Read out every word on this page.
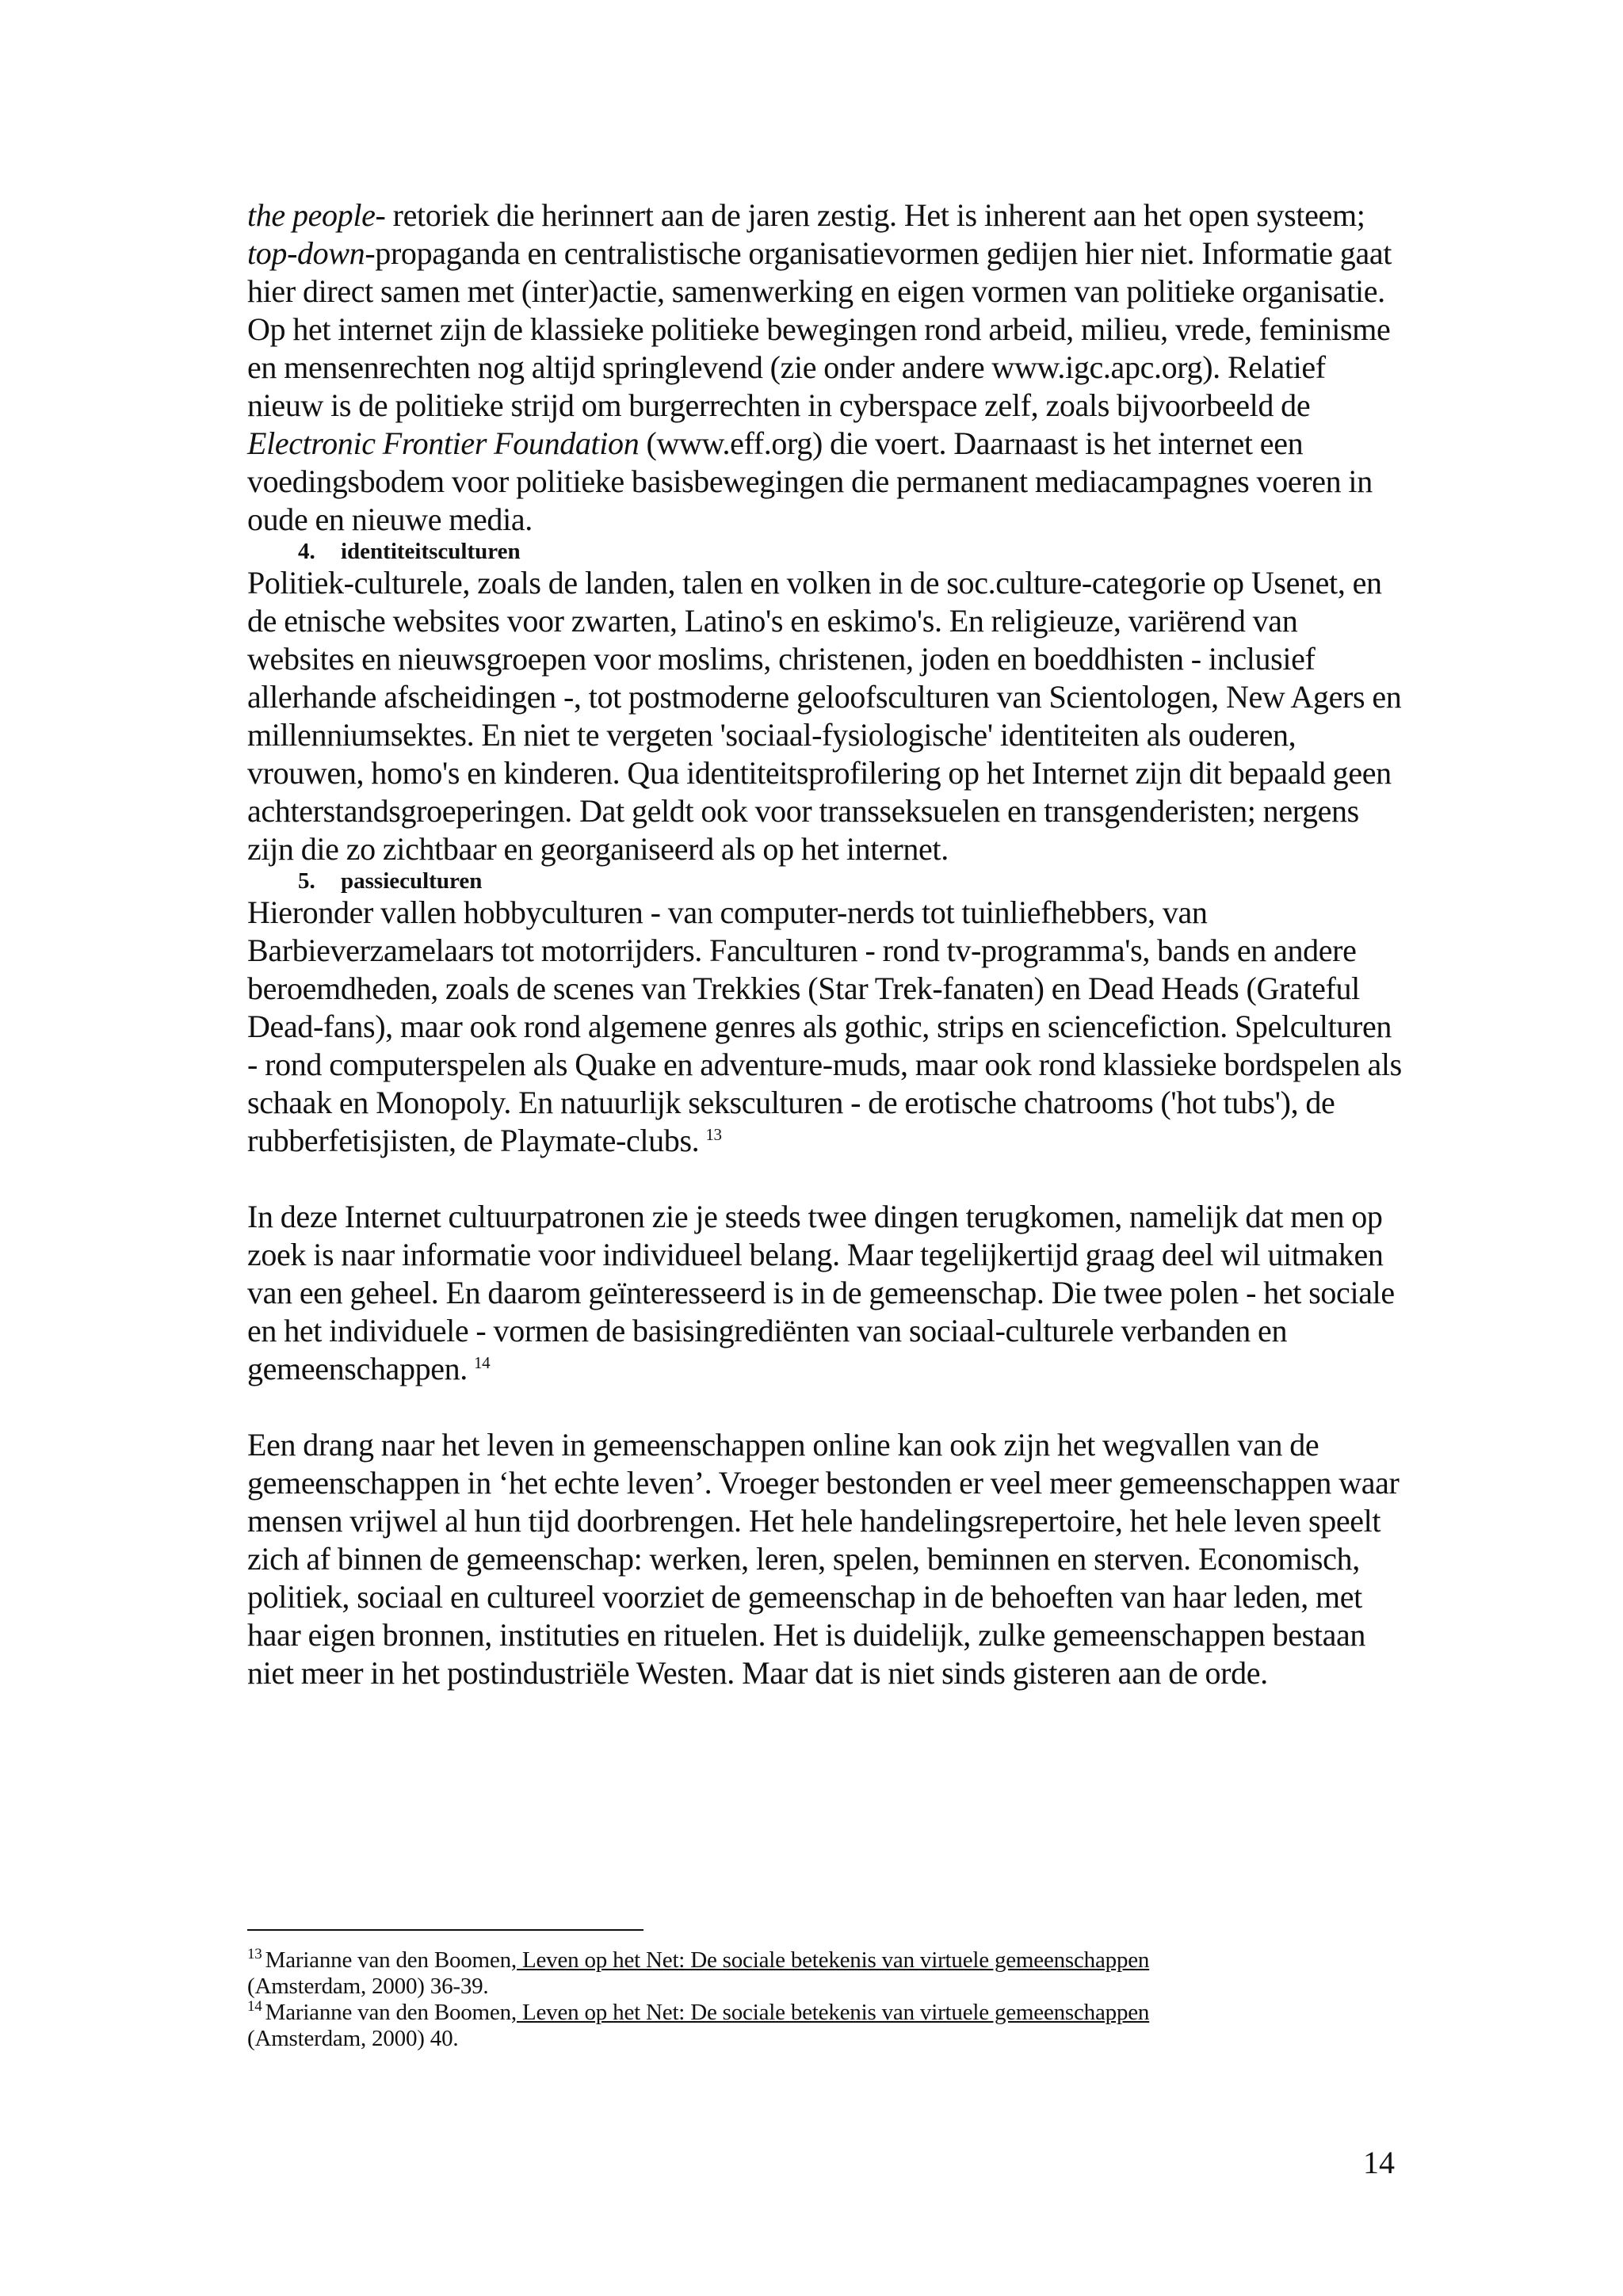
the people- retoriek die herinnert aan de jaren zestig. Het is inherent aan het open systeem; top-down-propaganda en centralistische organisatievormen gedijen hier niet. Informatie gaat hier direct samen met (inter)actie, samenwerking en eigen vormen van politieke organisatie.

Op het internet zijn de klassieke politieke bewegingen rond arbeid, milieu, vrede, feminisme en mensenrechten nog altijd springlevend (zie onder andere www.igc.apc.org). Relatief nieuw is de politieke strijd om burgerrechten in cyberspace zelf, zoals bijvoorbeeld de Electronic Frontier Foundation (www.eff.org) die voert. Daarnaast is het internet een voedingsbodem voor politieke basisbewegingen die permanent mediacampagnes voeren in oude en nieuwe media.

4. identiteitsculturen

Politiek-culturele, zoals de landen, talen en volken in de soc.culture-categorie op Usenet, en de etnische websites voor zwarten, Latino's en eskimo's. En religieuze, variërend van websites en nieuwsgroepen voor moslims, christenen, joden en boeddhisten - inclusief allerhande afscheidingen -, tot postmoderne geloofsculturen van Scientologen, New Agers en millenniumsektes. En niet te vergeten 'sociaal-fysiologische' identiteiten als ouderen, vrouwen, homo's en kinderen. Qua identiteitsprofilering op het Internet zijn dit bepaald geen achterstandsgroeperingen. Dat geldt ook voor transseksuelen en transgenderisten; nergens zijn die zo zichtbaar en georganiseerd als op het internet.

5. passieculturen

Hieronder vallen hobbyculturen - van computer-nerds tot tuinliefhebbers, van Barbieverzamelaars tot motorrijders. Fanculturen - rond tv-programma's, bands en andere beroemdheden, zoals de scenes van Trekkies (Star Trek-fanaten) en Dead Heads (Grateful Dead-fans), maar ook rond algemene genres als gothic, strips en sciencefiction. Spelculturen - rond computerspelen als Quake en adventure-muds, maar ook rond klassieke bordspelen als schaak en Monopoly. En natuurlijk seksculturen - de erotische chatrooms ('hot tubs'), de rubberfetisjisten, de Playmate-clubs. $^{13}$

In deze Internet cultuurpatronen zie je steeds twee dingen terugkomen, namelijk dat men op zoek is naar informatie voor individueel belang. Maar tegelijkertijd graag deel wil uitmaken van een geheel. En daarom geïnteresseerd is in de gemeenschap. Die twee polen - het sociale en het individuele - vormen de basisingrediënten van sociaal-culturele verbanden en gemeenschappen. $^{14}$

Een drang naar het leven in gemeenschappen online kan ook zijn het wegvallen van de gemeenschappen in ‘het echte leven’. Vroeger bestonden er veel meer gemeenschappen waar mensen vrijwel al hun tijd doorbrengen. Het hele handelingsrepertoire, het hele leven speelt zich af binnen de gemeenschap: werken, leren, spelen, beminnen en sterven. Economisch, politiek, sociaal en cultureel voorziet de gemeenschap in de behoeften van haar leden, met haar eigen bronnen, instituties en rituelen. Het is duidelijk, zulke gemeenschappen bestaan niet meer in het postindustriële Westen. Maar dat is niet sinds gisteren aan de orde.

$^{13}$ Marianne van den Boomen, Leven op het Net: De sociale betekenis van virtuele gemeenschappen
(Amsterdam, 2000) 36-39.

$^{14}$ Marianne van den Boomen, Leven op het Net: De sociale betekenis van virtuele gemeenschappen
(Amsterdam, 2000) 40.

14
